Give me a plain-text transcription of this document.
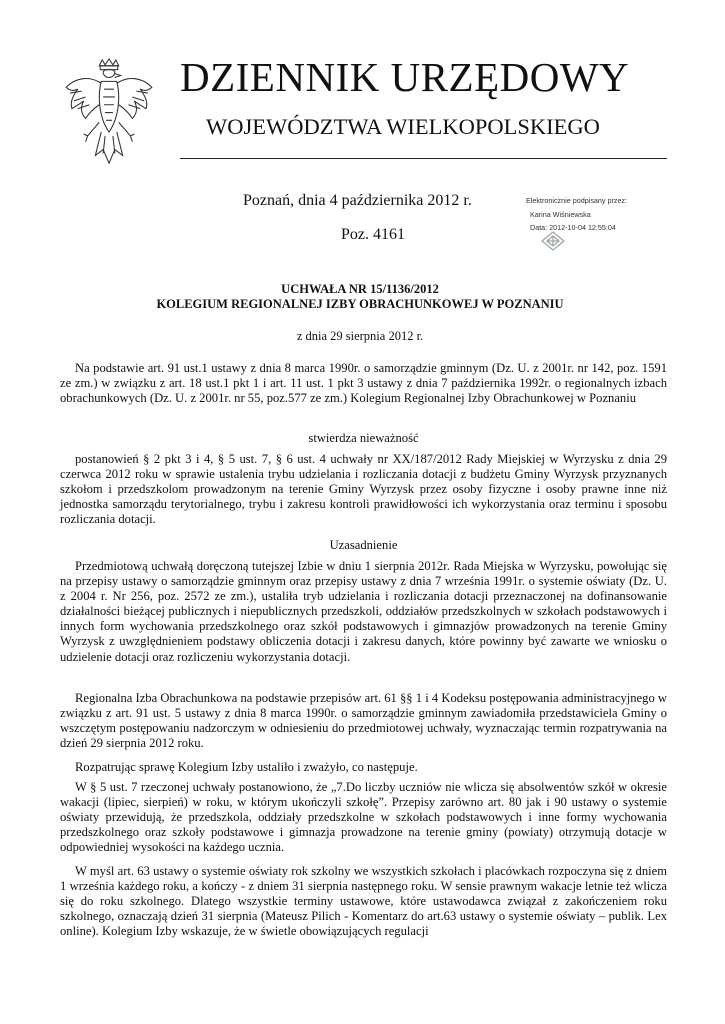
DZIENNIK URZĘDOWY
WOJEWÓDZTWA WIELKOPOLSKIEGO
Poznań, dnia 4 października 2012 r.
Poz. 4161
Elektronicznie podpisany przez:
Karina Wiśniewska
Data: 2012-10-04 12:55:04
UCHWAŁA NR 15/1136/2012
KOLEGIUM REGIONALNEJ IZBY OBRACHUNKOWEJ W POZNANIU
z dnia 29 sierpnia 2012 r.

Na podstawie art. 91 ust.1 ustawy z dnia 8 marca 1990r. o samorządzie gminnym (Dz. U. z 2001r. nr 142, poz. 1591 ze zm.) w związku z art. 18 ust.1 pkt 1 i art. 11 ust. 1 pkt 3 ustawy z dnia 7 października 1992r. o regionalnych izbach obrachunkowych (Dz. U. z 2001r. nr 55, poz.577 ze zm.) Kolegium Regionalnej Izby Obrachunkowej w Poznaniu

stwierdza nieważność

postanowień § 2 pkt 3 i 4, § 5 ust. 7, § 6 ust. 4 uchwały nr XX/187/2012 Rady Miejskiej w Wyrzysku z dnia 29 czerwca 2012 roku w sprawie ustalenia trybu udzielania i rozliczania dotacji z budżetu Gminy Wyrzysk przyznanych szkołom i przedszkolom prowadzonym na terenie Gminy Wyrzysk przez osoby fizyczne i osoby prawne inne niż jednostka samorządu terytorialnego, trybu i zakresu kontroli prawidłowości ich wykorzystania oraz terminu i sposobu rozliczania dotacji.

Uzasadnienie

Przedmiotową uchwałą doręczoną tutejszej Izbie w dniu 1 sierpnia 2012r. Rada Miejska w Wyrzysku, powołując się na przepisy ustawy o samorządzie gminnym oraz przepisy ustawy z dnia 7 września 1991r. o systemie oświaty (Dz. U. z 2004 r. Nr 256, poz. 2572 ze zm.), ustaliła tryb udzielania i rozliczania dotacji przeznaczonej na dofinansowanie działalności bieżącej publicznych i niepublicznych przedszkoli, oddziałów przedszkolnych w szkołach podstawowych i innych form wychowania przedszkolnego oraz szkół podstawowych i gimnazjów prowadzonych na terenie Gminy Wyrzysk z uwzględnieniem podstawy obliczenia dotacji i zakresu danych, które powinny być zawarte we wniosku o udzielenie dotacji oraz rozliczeniu wykorzystania dotacji.

Regionalna Izba Obrachunkowa na podstawie przepisów art. 61 §§ 1 i 4 Kodeksu postępowania administracyjnego w związku z art. 91 ust. 5 ustawy z dnia 8 marca 1990r. o samorządzie gminnym zawiadomiła przedstawiciela Gminy o wszczętym postępowaniu nadzorczym w odniesieniu do przedmiotowej uchwały, wyznaczając termin rozpatrywania na dzień 29 sierpnia 2012 roku.

Rozpatrując sprawę Kolegium Izby ustaliło i zważyło, co następuje.

W § 5 ust. 7 rzeczonej uchwały postanowiono, że „7.Do liczby uczniów nie wlicza się absolwentów szkół w okresie wakacji (lipiec, sierpień) w roku, w którym ukończyli szkołę”. Przepisy zarówno art. 80 jak i 90 ustawy o systemie oświaty przewidują, że przedszkola, oddziały przedszkolne w szkołach podstawowych i inne formy wychowania przedszkolnego oraz szkoły podstawowe i gimnazja prowadzone na terenie gminy (powiaty) otrzymują dotacje w odpowiedniej wysokości na każdego ucznia.

W myśl art. 63 ustawy o systemie oświaty rok szkolny we wszystkich szkołach i placówkach rozpoczyna się z dniem 1 września każdego roku, a kończy - z dniem 31 sierpnia następnego roku. W sensie prawnym wakacje letnie też wlicza się do roku szkolnego. Dlatego wszystkie terminy ustawowe, które ustawodawca związał z zakończeniem roku szkolnego, oznaczają dzień 31 sierpnia (Mateusz Pilich - Komentarz do art.63 ustawy o systemie oświaty – publik. Lex online). Kolegium Izby wskazuje, że w świetle obowiązujących regulacji
